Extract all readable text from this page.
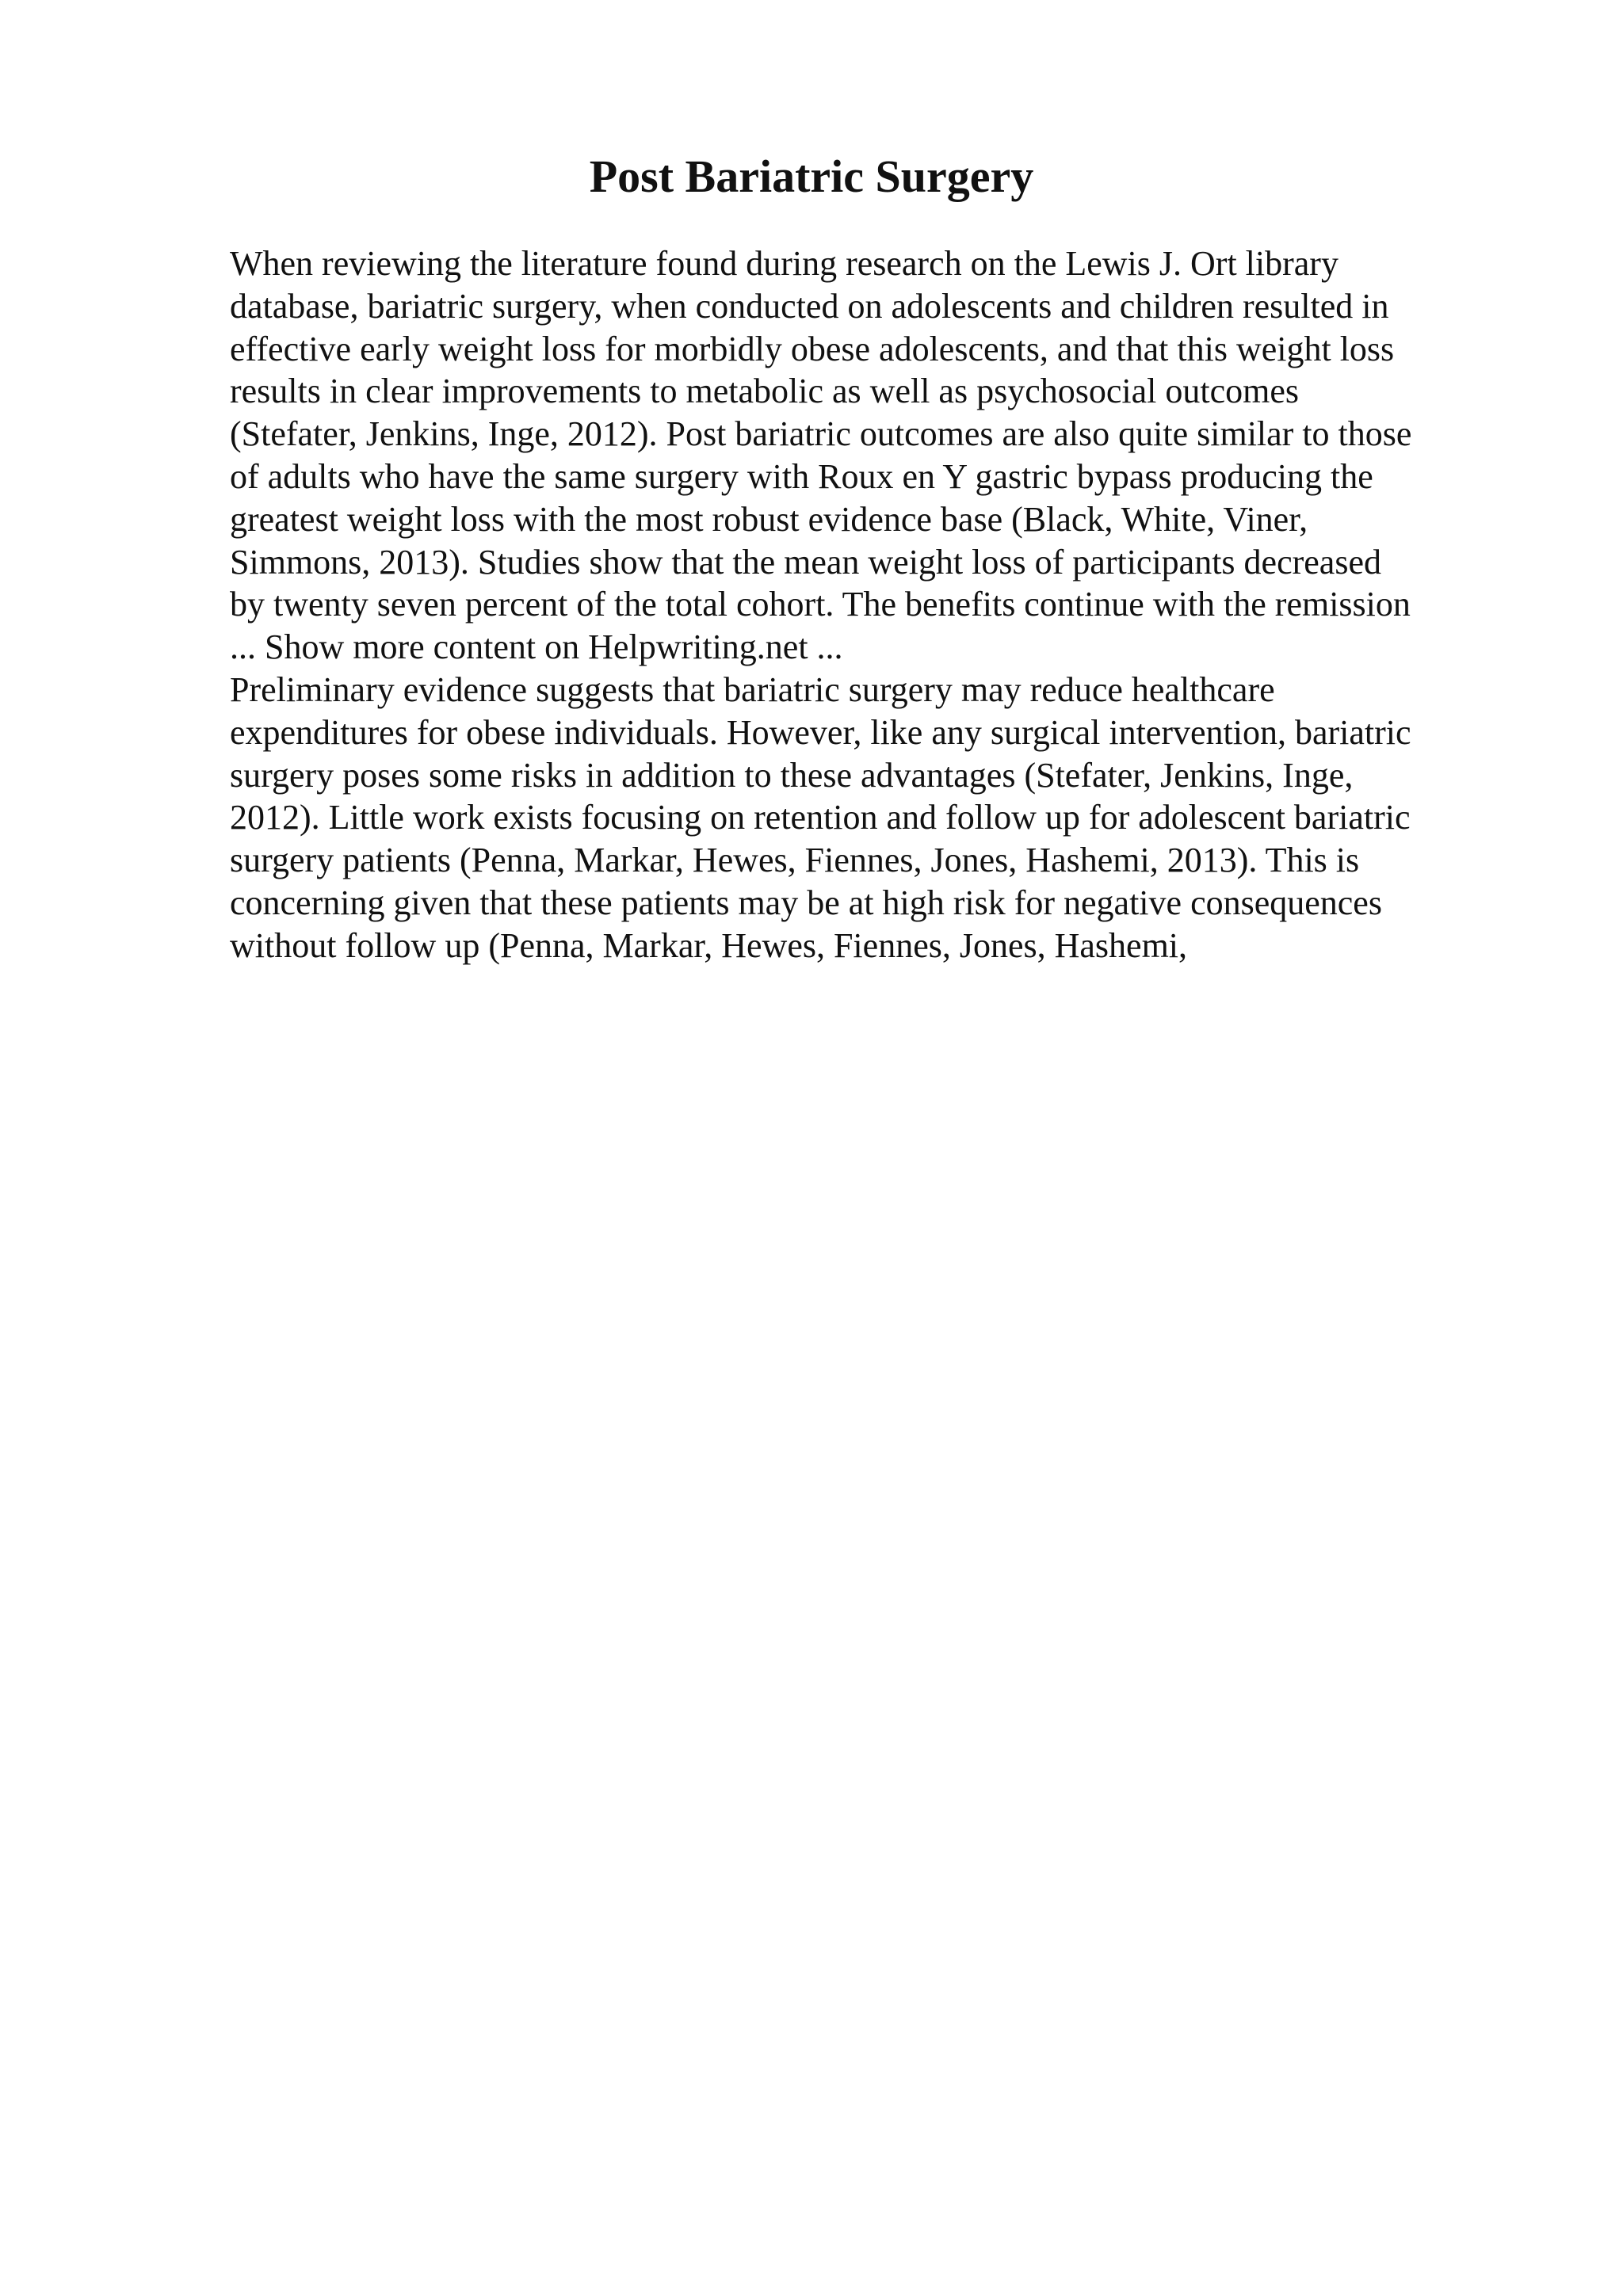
Post Bariatric Surgery
When reviewing the literature found during research on the Lewis J. Ort library
database, bariatric surgery, when conducted on adolescents and children resulted in
effective early weight loss for morbidly obese adolescents, and that this weight loss
results in clear improvements to metabolic as well as psychosocial outcomes
(Stefater, Jenkins, Inge, 2012). Post bariatric outcomes are also quite similar to those
of adults who have the same surgery with Roux en Y gastric bypass producing the
greatest weight loss with the most robust evidence base (Black, White, Viner,
Simmons, 2013). Studies show that the mean weight loss of participants decreased
by twenty seven percent of the total cohort. The benefits continue with the remission
... Show more content on Helpwriting.net ...
Preliminary evidence suggests that bariatric surgery may reduce healthcare
expenditures for obese individuals. However, like any surgical intervention, bariatric
surgery poses some risks in addition to these advantages (Stefater, Jenkins, Inge,
2012). Little work exists focusing on retention and follow up for adolescent bariatric
surgery patients (Penna, Markar, Hewes, Fiennes, Jones, Hashemi, 2013). This is
concerning given that these patients may be at high risk for negative consequences
without follow up (Penna, Markar, Hewes, Fiennes, Jones, Hashemi,
